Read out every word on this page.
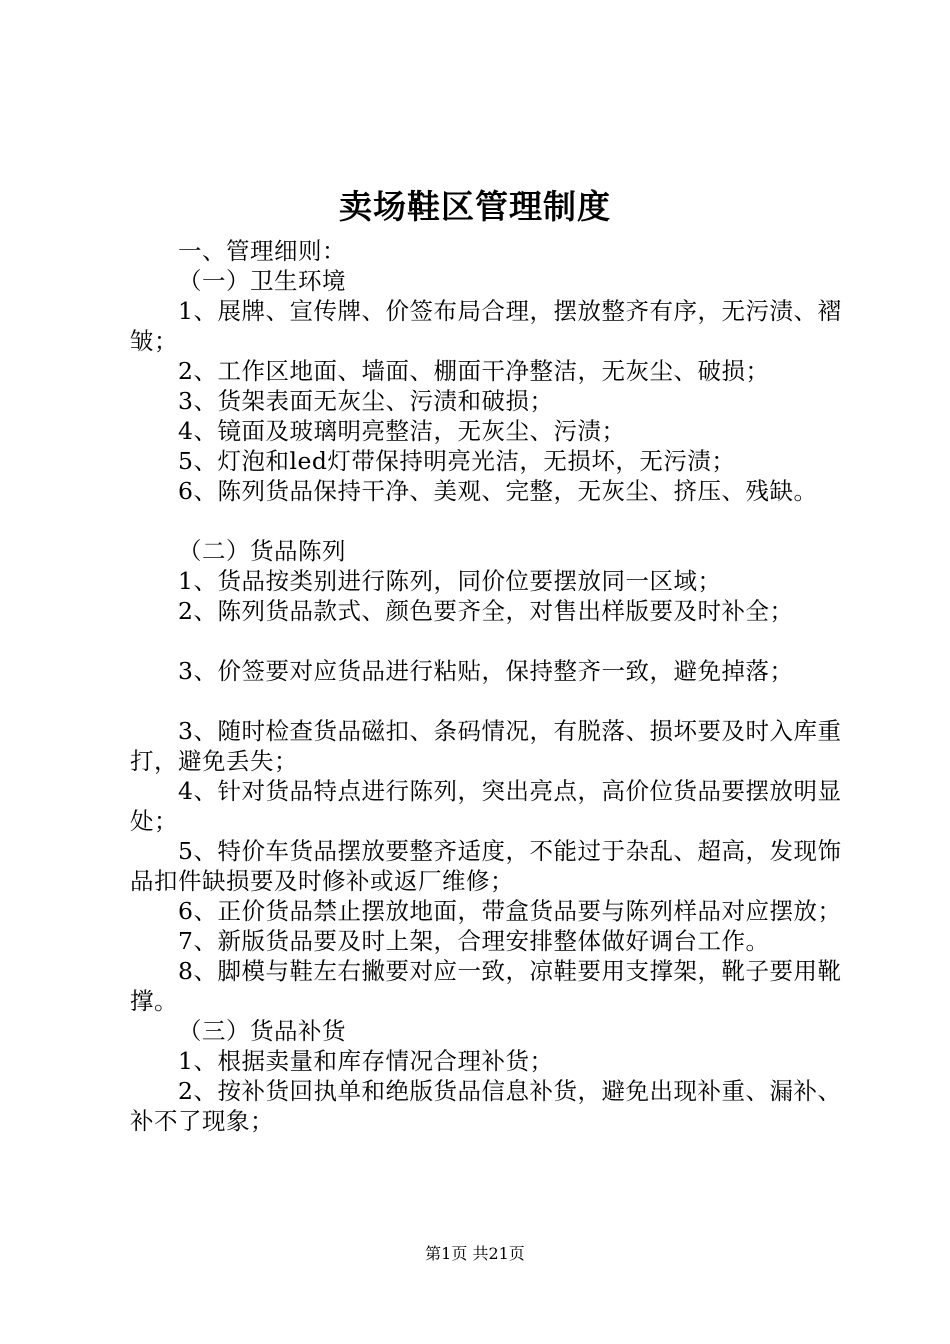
卖场鞋区管理制度

一、管理细则：

（一）卫生环境

1、展牌、宣传牌、价签布局合理，摆放整齐有序，无污渍、褶皱；

2、工作区地面、墙面、棚面干净整洁，无灰尘、破损；

3、货架表面无灰尘、污渍和破损；

4、镜面及玻璃明亮整洁，无灰尘、污渍；

5、灯泡和led灯带保持明亮光洁，无损坏，无污渍；

6、陈列货品保持干净、美观、完整，无灰尘、挤压、残缺。

（二）货品陈列

1、货品按类别进行陈列，同价位要摆放同一区域；

2、陈列货品款式、颜色要齐全，对售出样版要及时补全；

3、价签要对应货品进行粘贴，保持整齐一致，避免掉落；

3、随时检查货品磁扣、条码情况，有脱落、损坏要及时入库重打，避免丢失；

4、针对货品特点进行陈列，突出亮点，高价位货品要摆放明显处；

5、特价车货品摆放要整齐适度，不能过于杂乱、超高，发现饰品扣件缺损要及时修补或返厂维修；

6、正价货品禁止摆放地面，带盒货品要与陈列样品对应摆放；

7、新版货品要及时上架，合理安排整体做好调台工作。

8、脚模与鞋左右撇要对应一致，凉鞋要用支撑架，靴子要用靴撑。

（三）货品补货

1、根据卖量和库存情况合理补货；

2、按补货回执单和绝版货品信息补货，避免出现补重、漏补、补不了现象；

第1页 共21页
